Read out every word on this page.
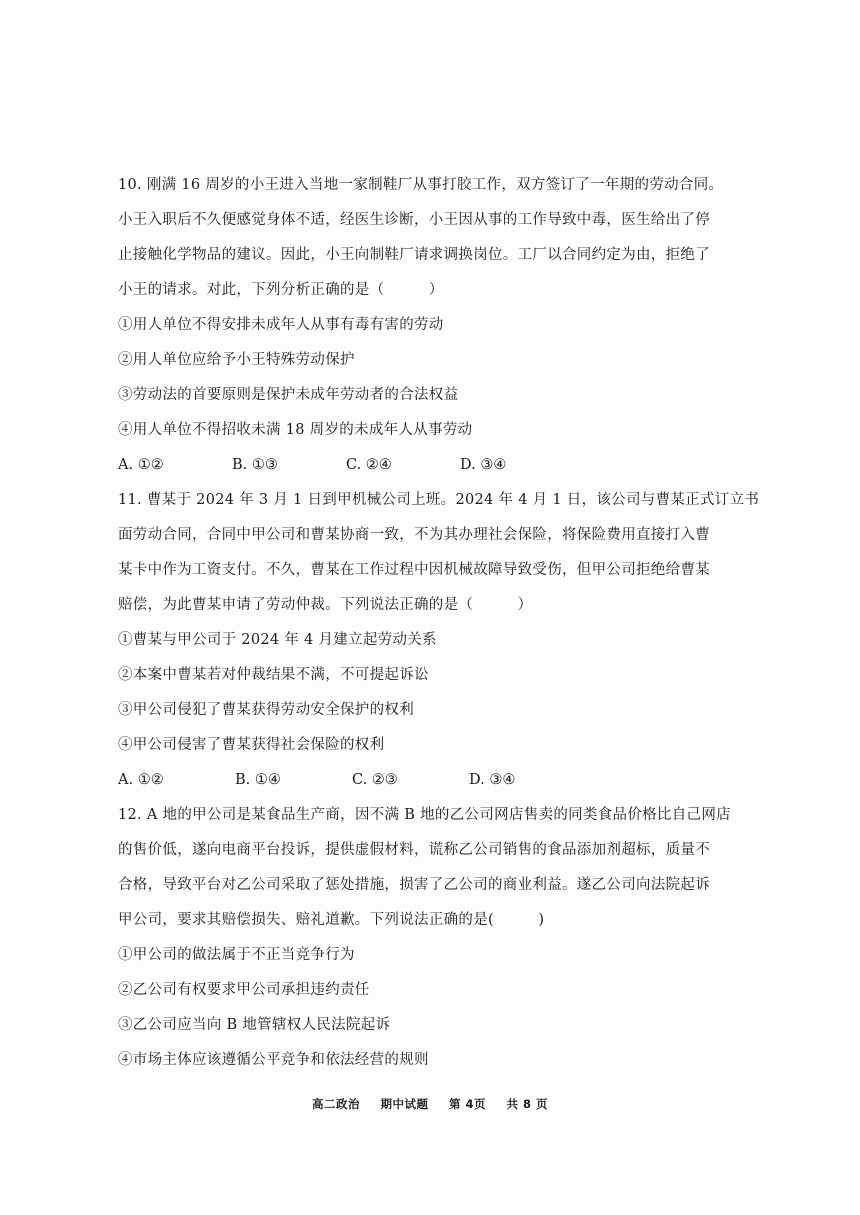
10. 刚满 16 周岁的小王进入当地一家制鞋厂从事打胶工作，双方签订了一年期的劳动合同。
小王入职后不久便感觉身体不适，经医生诊断，小王因从事的工作导致中毒，医生给出了停
止接触化学物品的建议。因此，小王向制鞋厂请求调换岗位。工厂以合同约定为由，拒绝了
小王的请求。对此，下列分析正确的是（　　　）
①用人单位不得安排未成年人从事有毒有害的劳动
②用人单位应给予小王特殊劳动保护
③劳动法的首要原则是保护未成年劳动者的合法权益
④用人单位不得招收未满 18 周岁的未成年人从事劳动
A. ①②	B. ①③	C. ②④	D. ③④
11. 曹某于 2024 年 3 月 1 日到甲机械公司上班。2024 年 4 月 1 日，该公司与曹某正式订立书
面劳动合同，合同中甲公司和曹某协商一致，不为其办理社会保险，将保险费用直接打入曹
某卡中作为工资支付。不久，曹某在工作过程中因机械故障导致受伤，但甲公司拒绝给曹某
赔偿，为此曹某申请了劳动仲裁。下列说法正确的是（　　　）
①曹某与甲公司于 2024 年 4 月建立起劳动关系
②本案中曹某若对仲裁结果不满，不可提起诉讼
③甲公司侵犯了曹某获得劳动安全保护的权利
④甲公司侵害了曹某获得社会保险的权利
A. ①②	B. ①④	C. ②③	D. ③④
12. A 地的甲公司是某食品生产商，因不满 B 地的乙公司网店售卖的同类食品价格比自己网店
的售价低，遂向电商平台投诉，提供虚假材料，谎称乙公司销售的食品添加剂超标，质量不
合格，导致平台对乙公司采取了惩处措施，损害了乙公司的商业利益。遂乙公司向法院起诉
甲公司，要求其赔偿损失、赔礼道歉。下列说法正确的是(　　　)
①甲公司的做法属于不正当竞争行为
②乙公司有权要求甲公司承担违约责任
③乙公司应当向 B 地管辖权人民法院起诉
④市场主体应该遵循公平竞争和依法经营的规则
高二政治 期中试题 第 4页 共 8 页
